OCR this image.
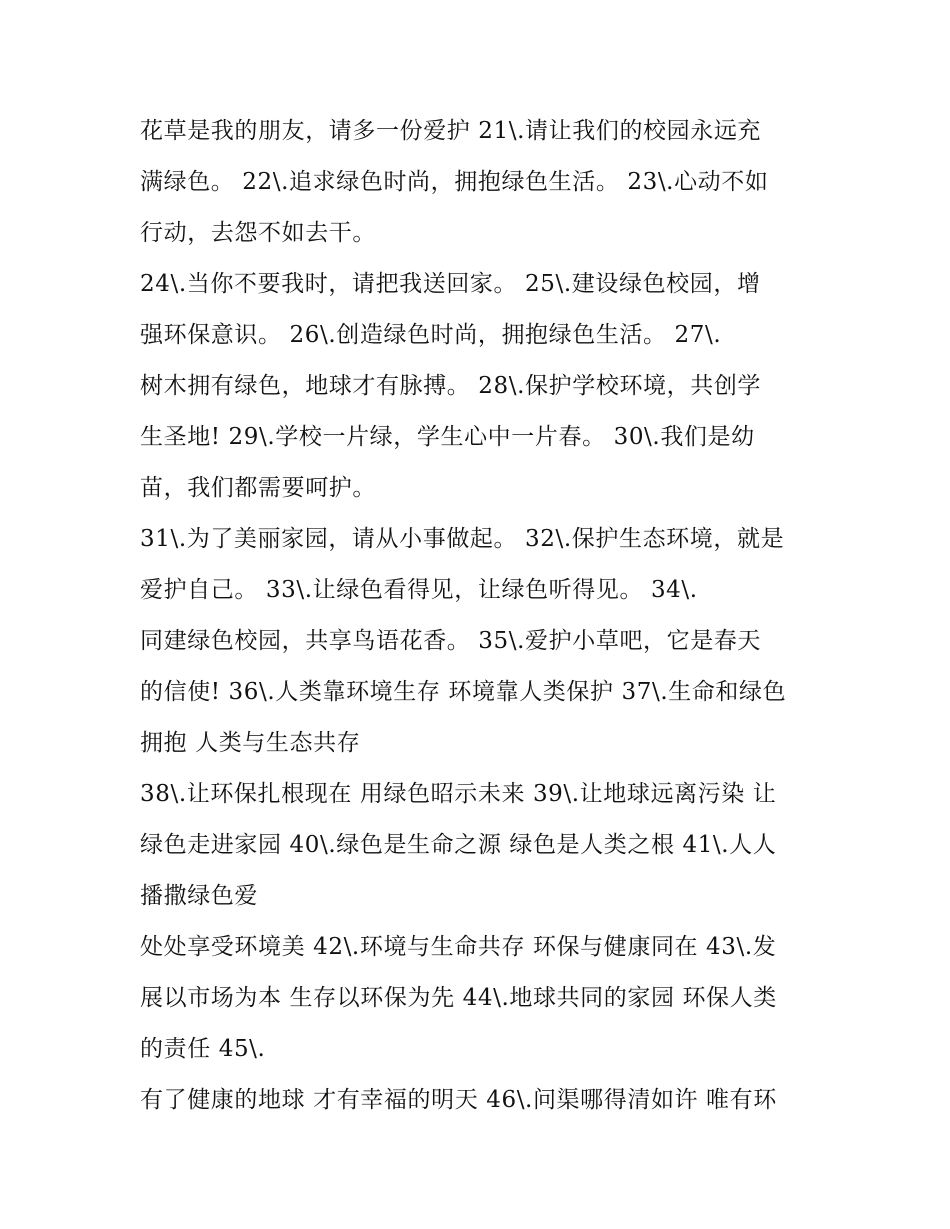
花草是我的朋友，请多一份爱护 21\.请让我们的校园永远充
满绿色。 22\.追求绿色时尚，拥抱绿色生活。 23\.心动不如
行动，去怨不如去干。
24\.当你不要我时，请把我送回家。 25\.建设绿色校园，增
强环保意识。 26\.创造绿色时尚，拥抱绿色生活。 27\.
树木拥有绿色，地球才有脉搏。 28\.保护学校环境，共创学
生圣地! 29\.学校一片绿，学生心中一片春。 30\.我们是幼
苗，我们都需要呵护。
31\.为了美丽家园，请从小事做起。 32\.保护生态环境，就是
爱护自己。 33\.让绿色看得见，让绿色听得见。 34\.
同建绿色校园，共享鸟语花香。 35\.爱护小草吧，它是春天
的信使! 36\.人类靠环境生存 环境靠人类保护 37\.生命和绿色
拥抱 人类与生态共存
38\.让环保扎根现在 用绿色昭示未来 39\.让地球远离污染 让
绿色走进家园 40\.绿色是生命之源 绿色是人类之根 41\.人人
播撒绿色爱
处处享受环境美 42\.环境与生命共存 环保与健康同在 43\.发
展以市场为本 生存以环保为先 44\.地球共同的家园 环保人类
的责任 45\.
有了健康的地球 才有幸福的明天 46\.问渠哪得清如许 唯有环
